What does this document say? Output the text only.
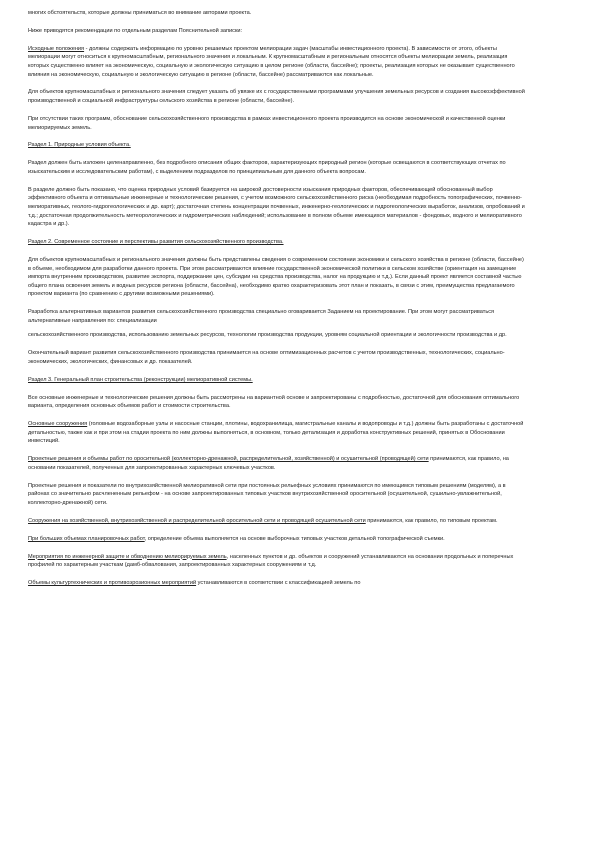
многих обстоятельств, которые должны приниматься во внимание авторами проекта.

Ниже приводятся рекомендации по отдельным разделам Пояснительной записки:

Исходные положения - должны содержать информацию по уровню решаемых проектом мелиорации задач (масштабы инвестиционного проекта). В зависимости от этого, объекты мелиорации могут относиться к крупномасштабным, регионального значения и локальным. К крупномасштабным и региональным относятся объекты мелиорации земель, реализация которых существенно влияет на экономическую, социальную и экологическую ситуацию в целом регионе (области, бассейне); проекты, реализация которых не оказывает существенного влияния на экономическую, социальную и экологическую ситуацию в регионе (области, бассейне) рассматриваются как локальные.

Для объектов крупномасштабных и регионального значения следует указать об увязке их с государственными программами улучшения земельных ресурсов и создания высокоэффективной производственной и социальной инфраструктуры сельского хозяйства в регионе (области, бассейне).

При отсутствии таких программ, обоснование сельскохозяйственного производства в рамках инвестиционного проекта производится на основе экономической и качественной оценки мелиорируемых земель.

Раздел 1. Природные условия объекта.

Раздел должен быть изложен целенаправленно, без подробного описания общих факторов, характеризующих природный регион (которые освещаются в соответствующих отчетах по изыскательским и исследовательским работам), с выделением подразделов по принципиальным для данного объекта вопросам.

В разделе должно быть показано, что оценка природных условий базируется на широкой достоверности изыскания природных факторов, обеспечивающей обоснованный выбор эффективного объекта и оптимальные инженерные и технологические решения, с учетом возможного сельскохозяйственного риска (необходимая подробность топографических, почвенно-мелиоративных, геолого-гидрогеологических и др. карт); достаточная степень концентрации почвенных, инженерно-геологических и гидрогеологических выработок, анализов, опробований и т.д.; достаточная продолжительность метеорологических и гидрометрических наблюдений; использование в полном объеме имеющихся материалов - фондовых, водного и мелиоративного кадастра и др.).

Раздел 2. Современное состояние и перспективы развития сельскохозяйственного производства.

Для объектов крупномасштабных и регионального значения должны быть представлены сведения о современном состоянии экономики и сельского хозяйства в регионе (области, бассейне) в объеме, необходимом для разработки данного проекта. При этом рассматриваются влияние государственной экономической политики в сельском хозяйстве (ориентация на замещение импорта внутренним производством, развитие экспорта, поддержание цен, субсидии на средства производства, налог на продукцию и т.д.). Если данный проект является составной частью общего плана освоения земель и водных ресурсов региона (области, бассейна), необходимо кратко охарактеризовать этот план и показать, в связи с этим, преимущества предлагаемого проектом варианта (по сравнению с другими возможными решениями).

Разработка альтернативных вариантов развития сельскохозяйственного производства специально оговаривается Заданием на проектирование. При этом могут рассматриваться альтернативные направления по: специализации

сельскохозяйственного производства, использованию земельных ресурсов, технологии производства продукции, уровням социальной ориентации и экологичности производства и др.

Окончательный вариант развития сельскохозяйственного производства принимается на основе оптимизационных расчетов с учетом производственных, технологических, социально-экономических, экологических, финансовых и др. показателей.

Раздел 3. Генеральный план строительства (реконструкции) мелиоративной системы.

Все основные инженерные и технологические решения должны быть рассмотрены на вариантной основе и запроектированы с подробностью, достаточной для обоснования оптимального варианта, определения основных объемов работ и стоимости строительства.

Основные сооружения (головные водозаборные узлы и насосные станции, плотины, водохранилища, магистральные каналы и водопроводы и т.д.) должны быть разработаны с достаточной детальностью, также как и при этом на стадии проекта по ним должны выполняться, в основном, только детализация и доработка конструктивных решений, принятых в Обосновании инвестиций.

Проектные решения и объемы работ по оросительной (коллекторно-дренажной, распределительной, хозяйственной) и осушительной (проводящей) сети принимаются, как правило, на основании показателей, полученных для запроектированных характерных ключевых участков.

Проектные решения и показатели по внутрихозяйственной мелиоративной сети при постоянных рельефных условиях принимаются по имеющимся типовым решениям (моделям), а в районах со значительно расчлененным рельефом - на основе запроектированных типовых участков внутрихозяйственной оросительной (осушительной, сушильно-увлажнительной, коллекторно-дренажной) сети.

Сооружения на хозяйственной, внутрихозяйственной и распределительной оросительной сети и проводящей осушительной сети принимаются, как правило, по типовым проектам.

При больших объемах планировочных работ, определение объема выполняется на основе выборочных типовых участков детальной топографической съемки.

Мероприятия по инженерной защите и обводнению мелиорируемых земель, населенных пунктов и др. объектов и сооружений устанавливаются на основании продольных и поперечных профилей по характерным участкам (дамб-обвалования, запроектированных характерных сооружениям и т.д.

Объемы культуртехнических и противоэрозионных мероприятий устанавливаются в соответствии с классификацией земель по
